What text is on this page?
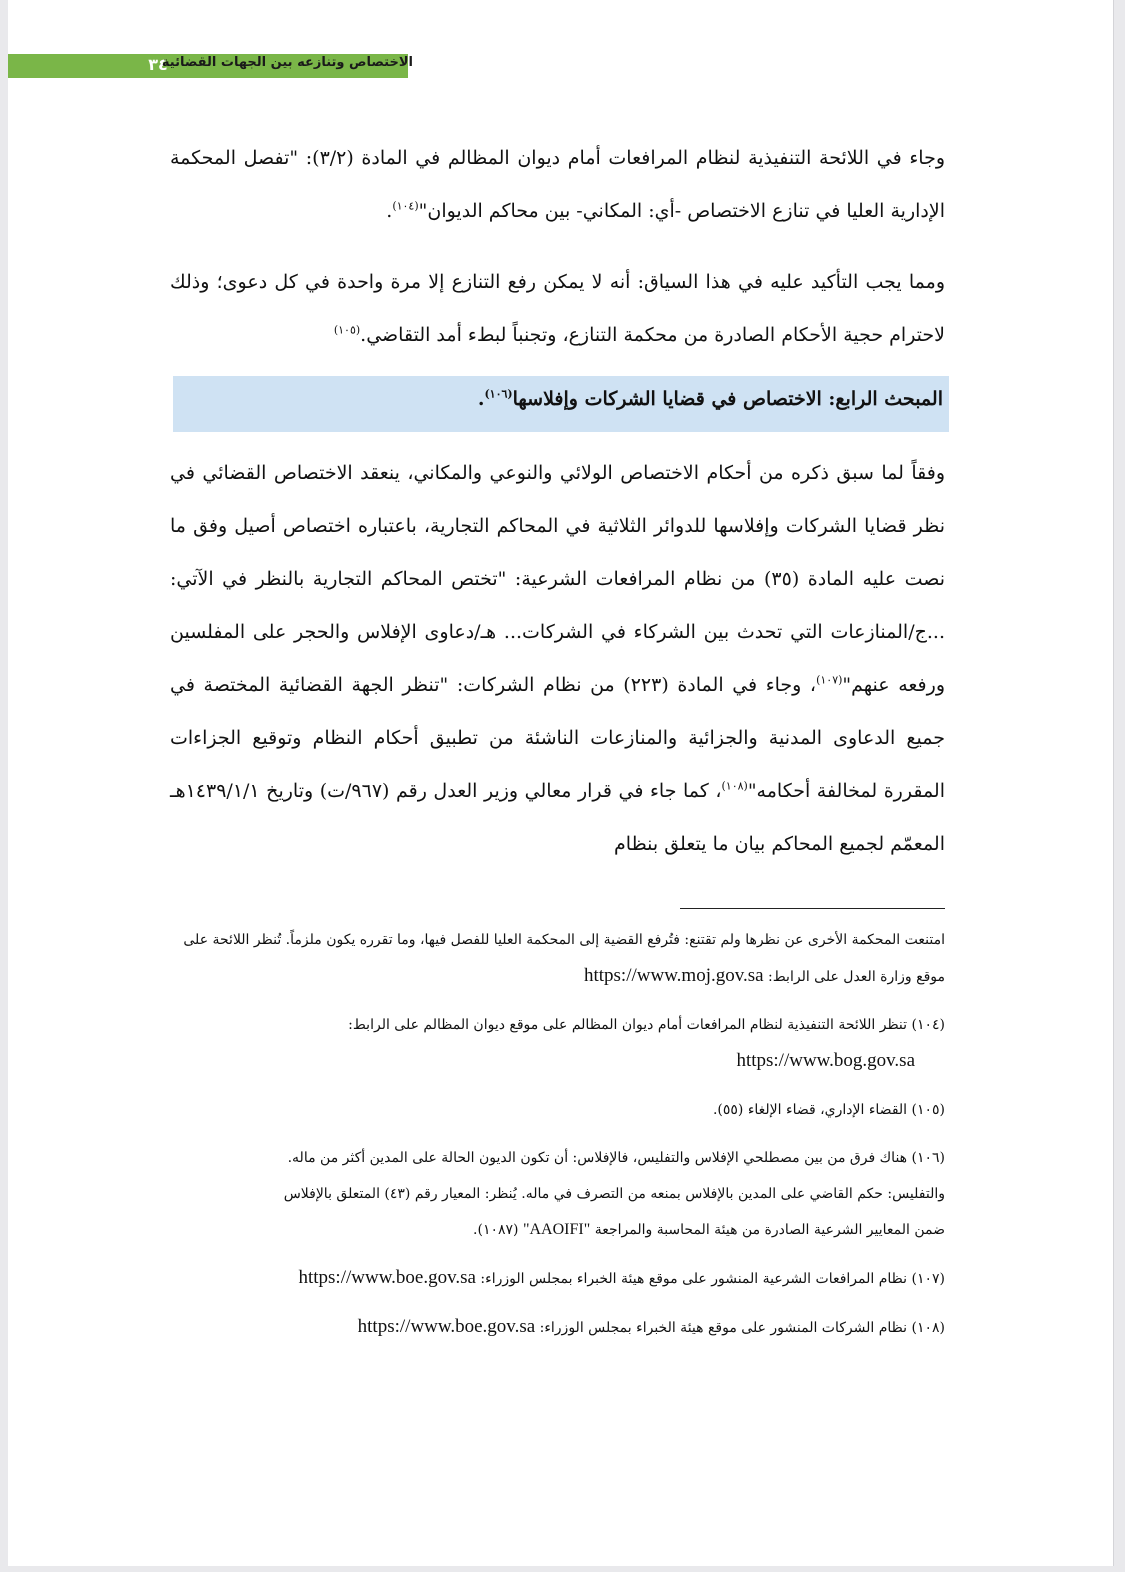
٣٤
الاختصاص وتنازعه بين الجهات القضائية
وجاء في اللائحة التنفيذية لنظام المرافعات أمام ديوان المظالم في المادة (٣/٢): "تفصل المحكمة الإدارية العليا في تنازع الاختصاص -أي: المكاني- بين محاكم الديوان"$^{(١٠٤)}$.
ومما يجب التأكيد عليه في هذا السياق: أنه لا يمكن رفع التنازع إلا مرة واحدة في كل دعوى؛ وذلك لاحترام حجية الأحكام الصادرة من محكمة التنازع، وتجنباً لبطء أمد التقاضي.$^{(١٠٥)}$
المبحث الرابع: الاختصاص في قضايا الشركات وإفلاسها$^{(١٠٦)}$.
وفقاً لما سبق ذكره من أحكام الاختصاص الولائي والنوعي والمكاني، ينعقد الاختصاص القضائي في نظر قضايا الشركات وإفلاسها للدوائر الثلاثية في المحاكم التجارية، باعتباره اختصاص أصيل وفق ما نصت عليه المادة (٣٥) من نظام المرافعات الشرعية: "تختص المحاكم التجارية بالنظر في الآتي: ...ج/المنازعات التي تحدث بين الشركاء في الشركات... هـ/دعاوى الإفلاس والحجر على المفلسين ورفعه عنهم"$^{(١٠٧)}$، وجاء في المادة (٢٢٣) من نظام الشركات: "تنظر الجهة القضائية المختصة في جميع الدعاوى المدنية والجزائية والمنازعات الناشئة من تطبيق أحكام النظام وتوقيع الجزاءات المقررة لمخالفة أحكامه"$^{(١٠٨)}$، كما جاء في قرار معالي وزير العدل رقم (٩٦٧/ت) وتاريخ ١٤٣٩/١/١هـ المعمّم لجميع المحاكم بيان ما يتعلق بنظام
امتنعت المحكمة الأخرى عن نظرها ولم تقتنع: فتُرفع القضية إلى المحكمة العليا للفصل فيها، وما تقرره يكون ملزماً. تُنظر اللائحة على موقع وزارة العدل على الرابط: https://www.moj.gov.sa
(١٠٤) تنظر اللائحة التنفيذية لنظام المرافعات أمام ديوان المظالم على موقع ديوان المظالم على الرابط:
https://www.bog.gov.sa
(١٠٥) القضاء الإداري، قضاء الإلغاء (٥٥).
(١٠٦) هناك فرق من بين مصطلحي الإفلاس والتفليس، فالإفلاس: أن تكون الديون الحالة على المدين أكثر من ماله.
والتفليس: حكم القاضي على المدين بالإفلاس بمنعه من التصرف في ماله. يُنظر: المعيار رقم (٤٣) المتعلق بالإفلاس
ضمن المعايير الشرعية الصادرة من هيئة المحاسبة والمراجعة "AAOIFI" (١٠٨٧).
(١٠٧) نظام المرافعات الشرعية المنشور على موقع هيئة الخبراء بمجلس الوزراء: https://www.boe.gov.sa
(١٠٨) نظام الشركات المنشور على موقع هيئة الخبراء بمجلس الوزراء: https://www.boe.gov.sa
